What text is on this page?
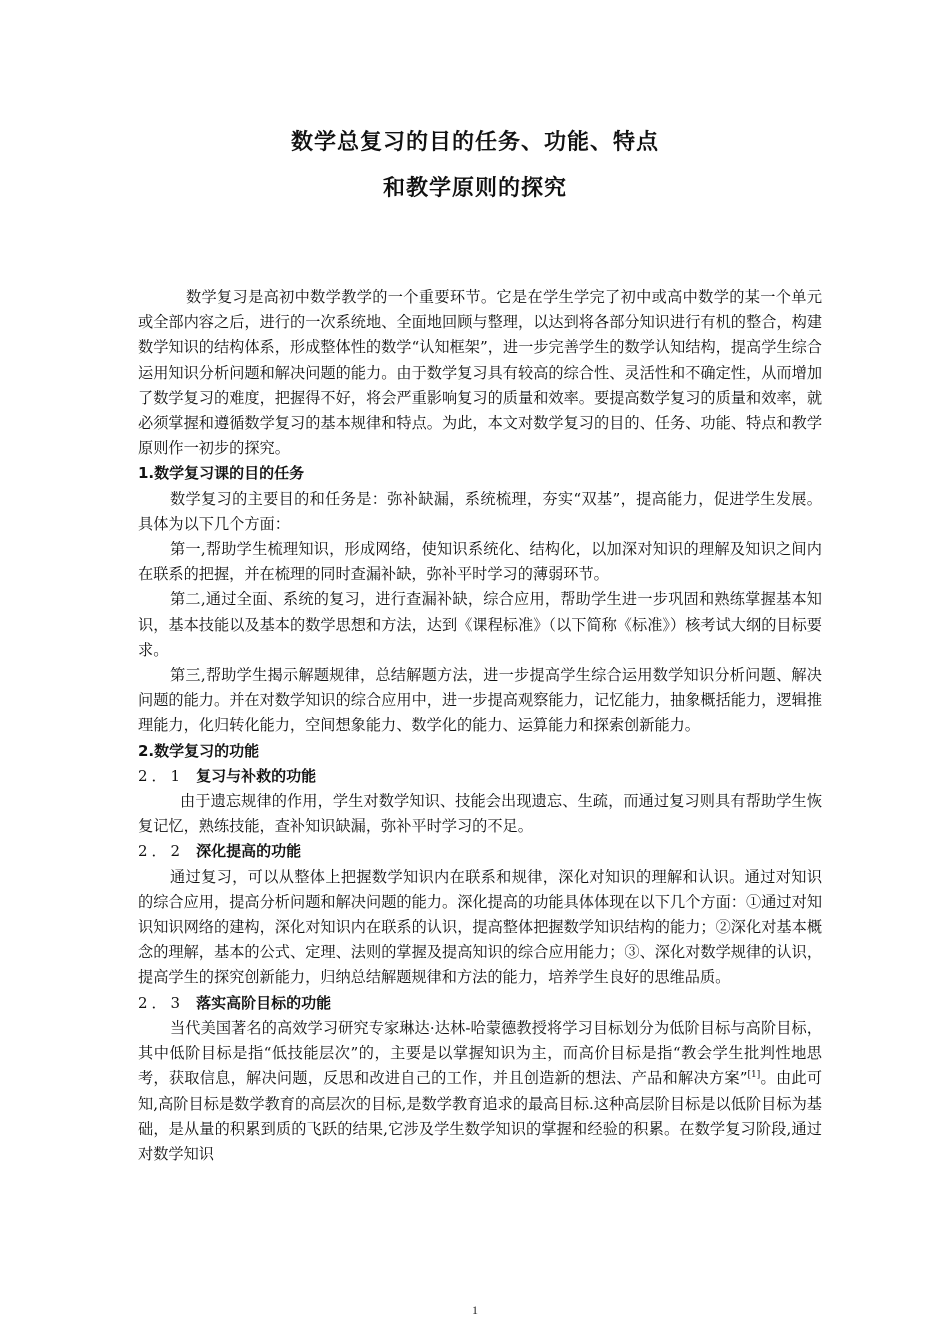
数学总复习的目的任务、功能、特点
和教学原则的探究

数学复习是高初中数学教学的一个重要环节。它是在学生学完了初中或高中数学的某一个单元或全部内容之后，进行的一次系统地、全面地回顾与整理，以达到将各部分知识进行有机的整合，构建数学知识的结构体系，形成整体性的数学“认知框架”，进一步完善学生的数学认知结构，提高学生综合运用知识分析问题和解决问题的能力。由于数学复习具有较高的综合性、灵活性和不确定性，从而增加了数学复习的难度，把握得不好，将会严重影响复习的质量和效率。要提高数学复习的质量和效率，就必须掌握和遵循数学复习的基本规律和特点。为此，本文对数学复习的目的、任务、功能、特点和教学原则作一初步的探究。

1.数学复习课的目的任务

数学复习的主要目的和任务是：弥补缺漏，系统梳理，夯实“双基”，提高能力，促进学生发展。具体为以下几个方面：

第一,帮助学生梳理知识，形成网络，使知识系统化、结构化，以加深对知识的理解及知识之间内在联系的把握，并在梳理的同时查漏补缺，弥补平时学习的薄弱环节。

第二,通过全面、系统的复习，进行查漏补缺，综合应用，帮助学生进一步巩固和熟练掌握基本知识，基本技能以及基本的数学思想和方法，达到《课程标准》（以下简称《标准》）核考试大纲的目标要求。

第三,帮助学生揭示解题规律，总结解题方法，进一步提高学生综合运用数学知识分析问题、解决问题的能力。并在对数学知识的综合应用中，进一步提高观察能力，记忆能力，抽象概括能力，逻辑推理能力，化归转化能力，空间想象能力、数学化的能力、运算能力和探索创新能力。

2.数学复习的功能

2．1 复习与补救的功能

由于遗忘规律的作用，学生对数学知识、技能会出现遗忘、生疏，而通过复习则具有帮助学生恢复记忆，熟练技能，查补知识缺漏，弥补平时学习的不足。

2．2 深化提高的功能

通过复习，可以从整体上把握数学知识内在联系和规律，深化对知识的理解和认识。通过对知识的综合应用，提高分析问题和解决问题的能力。深化提高的功能具体体现在以下几个方面：①通过对知识知识网络的建构，深化对知识内在联系的认识，提高整体把握数学知识结构的能力；②深化对基本概念的理解，基本的公式、定理、法则的掌握及提高知识的综合应用能力；③、深化对数学规律的认识，提高学生的探究创新能力，归纳总结解题规律和方法的能力，培养学生良好的思维品质。

2．3 落实高阶目标的功能

当代美国著名的高效学习研究专家琳达·达林-哈蒙德教授将学习目标划分为低阶目标与高阶目标，其中低阶目标是指“低技能层次”的，主要是以掌握知识为主，而高价目标是指“教会学生批判性地思考，获取信息，解决问题，反思和改进自己的工作，并且创造新的想法、产品和解决方案”[1]。由此可知,高阶目标是数学教育的高层次的目标,是数学教育追求的最高目标.这种高层阶目标是以低阶目标为基础，是从量的积累到质的飞跃的结果,它涉及学生数学知识的掌握和经验的积累。在数学复习阶段,通过对数学知识

1
